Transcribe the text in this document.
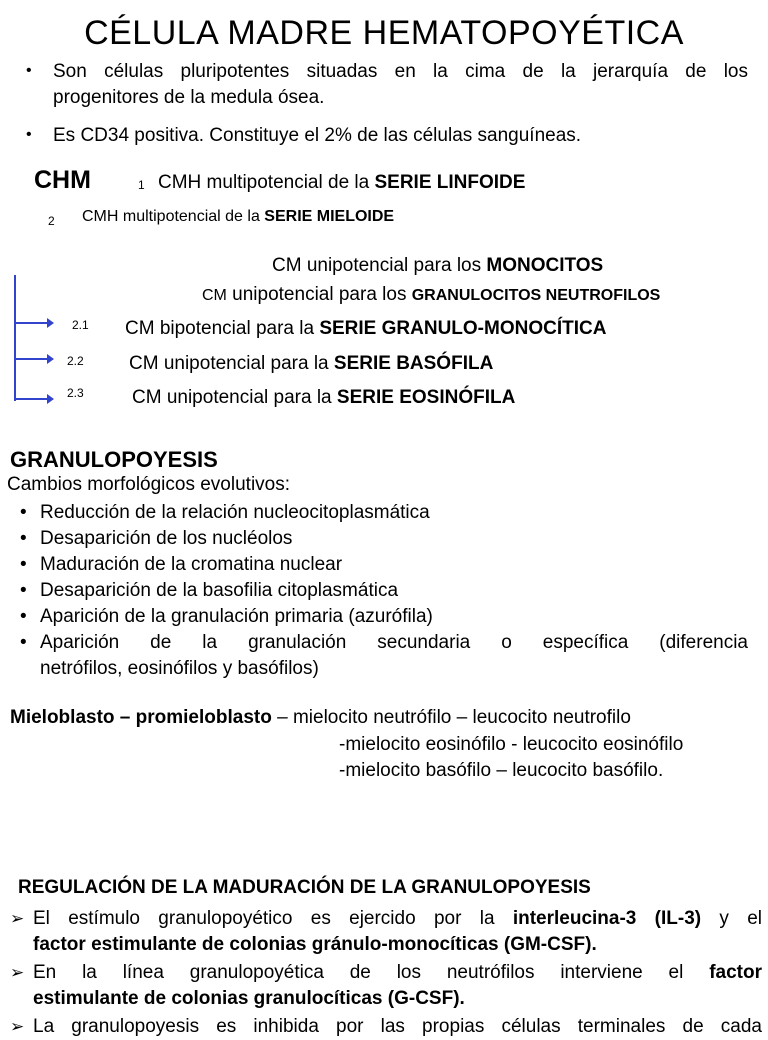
CÉLULA MADRE HEMATOPOYÉTICA
• Son células pluripotentes situadas en la cima de la jerarquía de los
progenitores de la medula ósea.
• Es CD34 positiva. Constituye el 2% de las células sanguíneas.
CHM	1 CMH multipotencial de la SERIE LINFOIDE
2 CMH multipotencial de la SERIE MIELOIDE
CM unipotencial para los MONOCITOS
CM unipotencial para los GRANULOCITOS NEUTROFILOS
2.1 CM bipotencial para la SERIE GRANULO-MONOCÍTICA
2.2 CM unipotencial para la SERIE BASÓFILA
2.3	CM unipotencial para la SERIE EOSINÓFILA
GRANULOPOYESIS
Cambios morfológicos evolutivos:
• Reducción de la relación nucleocitoplasmática
• Desaparición de los nucléolos
• Maduración de la cromatina nuclear
• Desaparición de la basofilia citoplasmática
• Aparición de la granulación primaria (azurófila)
• Aparición de la granulación secundaria o específica (diferencia
netrófilos, eosinófilos y basófilos)
Mieloblasto – promieloblasto – mielocito neutrófilo – leucocito neutrofilo
-mielocito eosinófilo - leucocito eosinófilo
-mielocito basófilo – leucocito basófilo.
REGULACIÓN DE LA MADURACIÓN DE LA GRANULOPOYESIS
➢ El estímulo granulopoyético es ejercido por la interleucina-3 (IL-3) y el
factor estimulante de colonias gránulo-monocíticas (GM-CSF).
➢ En la línea granulopoyética de los neutrófilos interviene el factor
estimulante de colonias granulocíticas (G-CSF).
➢ La granulopoyesis es inhibida por las propias células terminales de cada
